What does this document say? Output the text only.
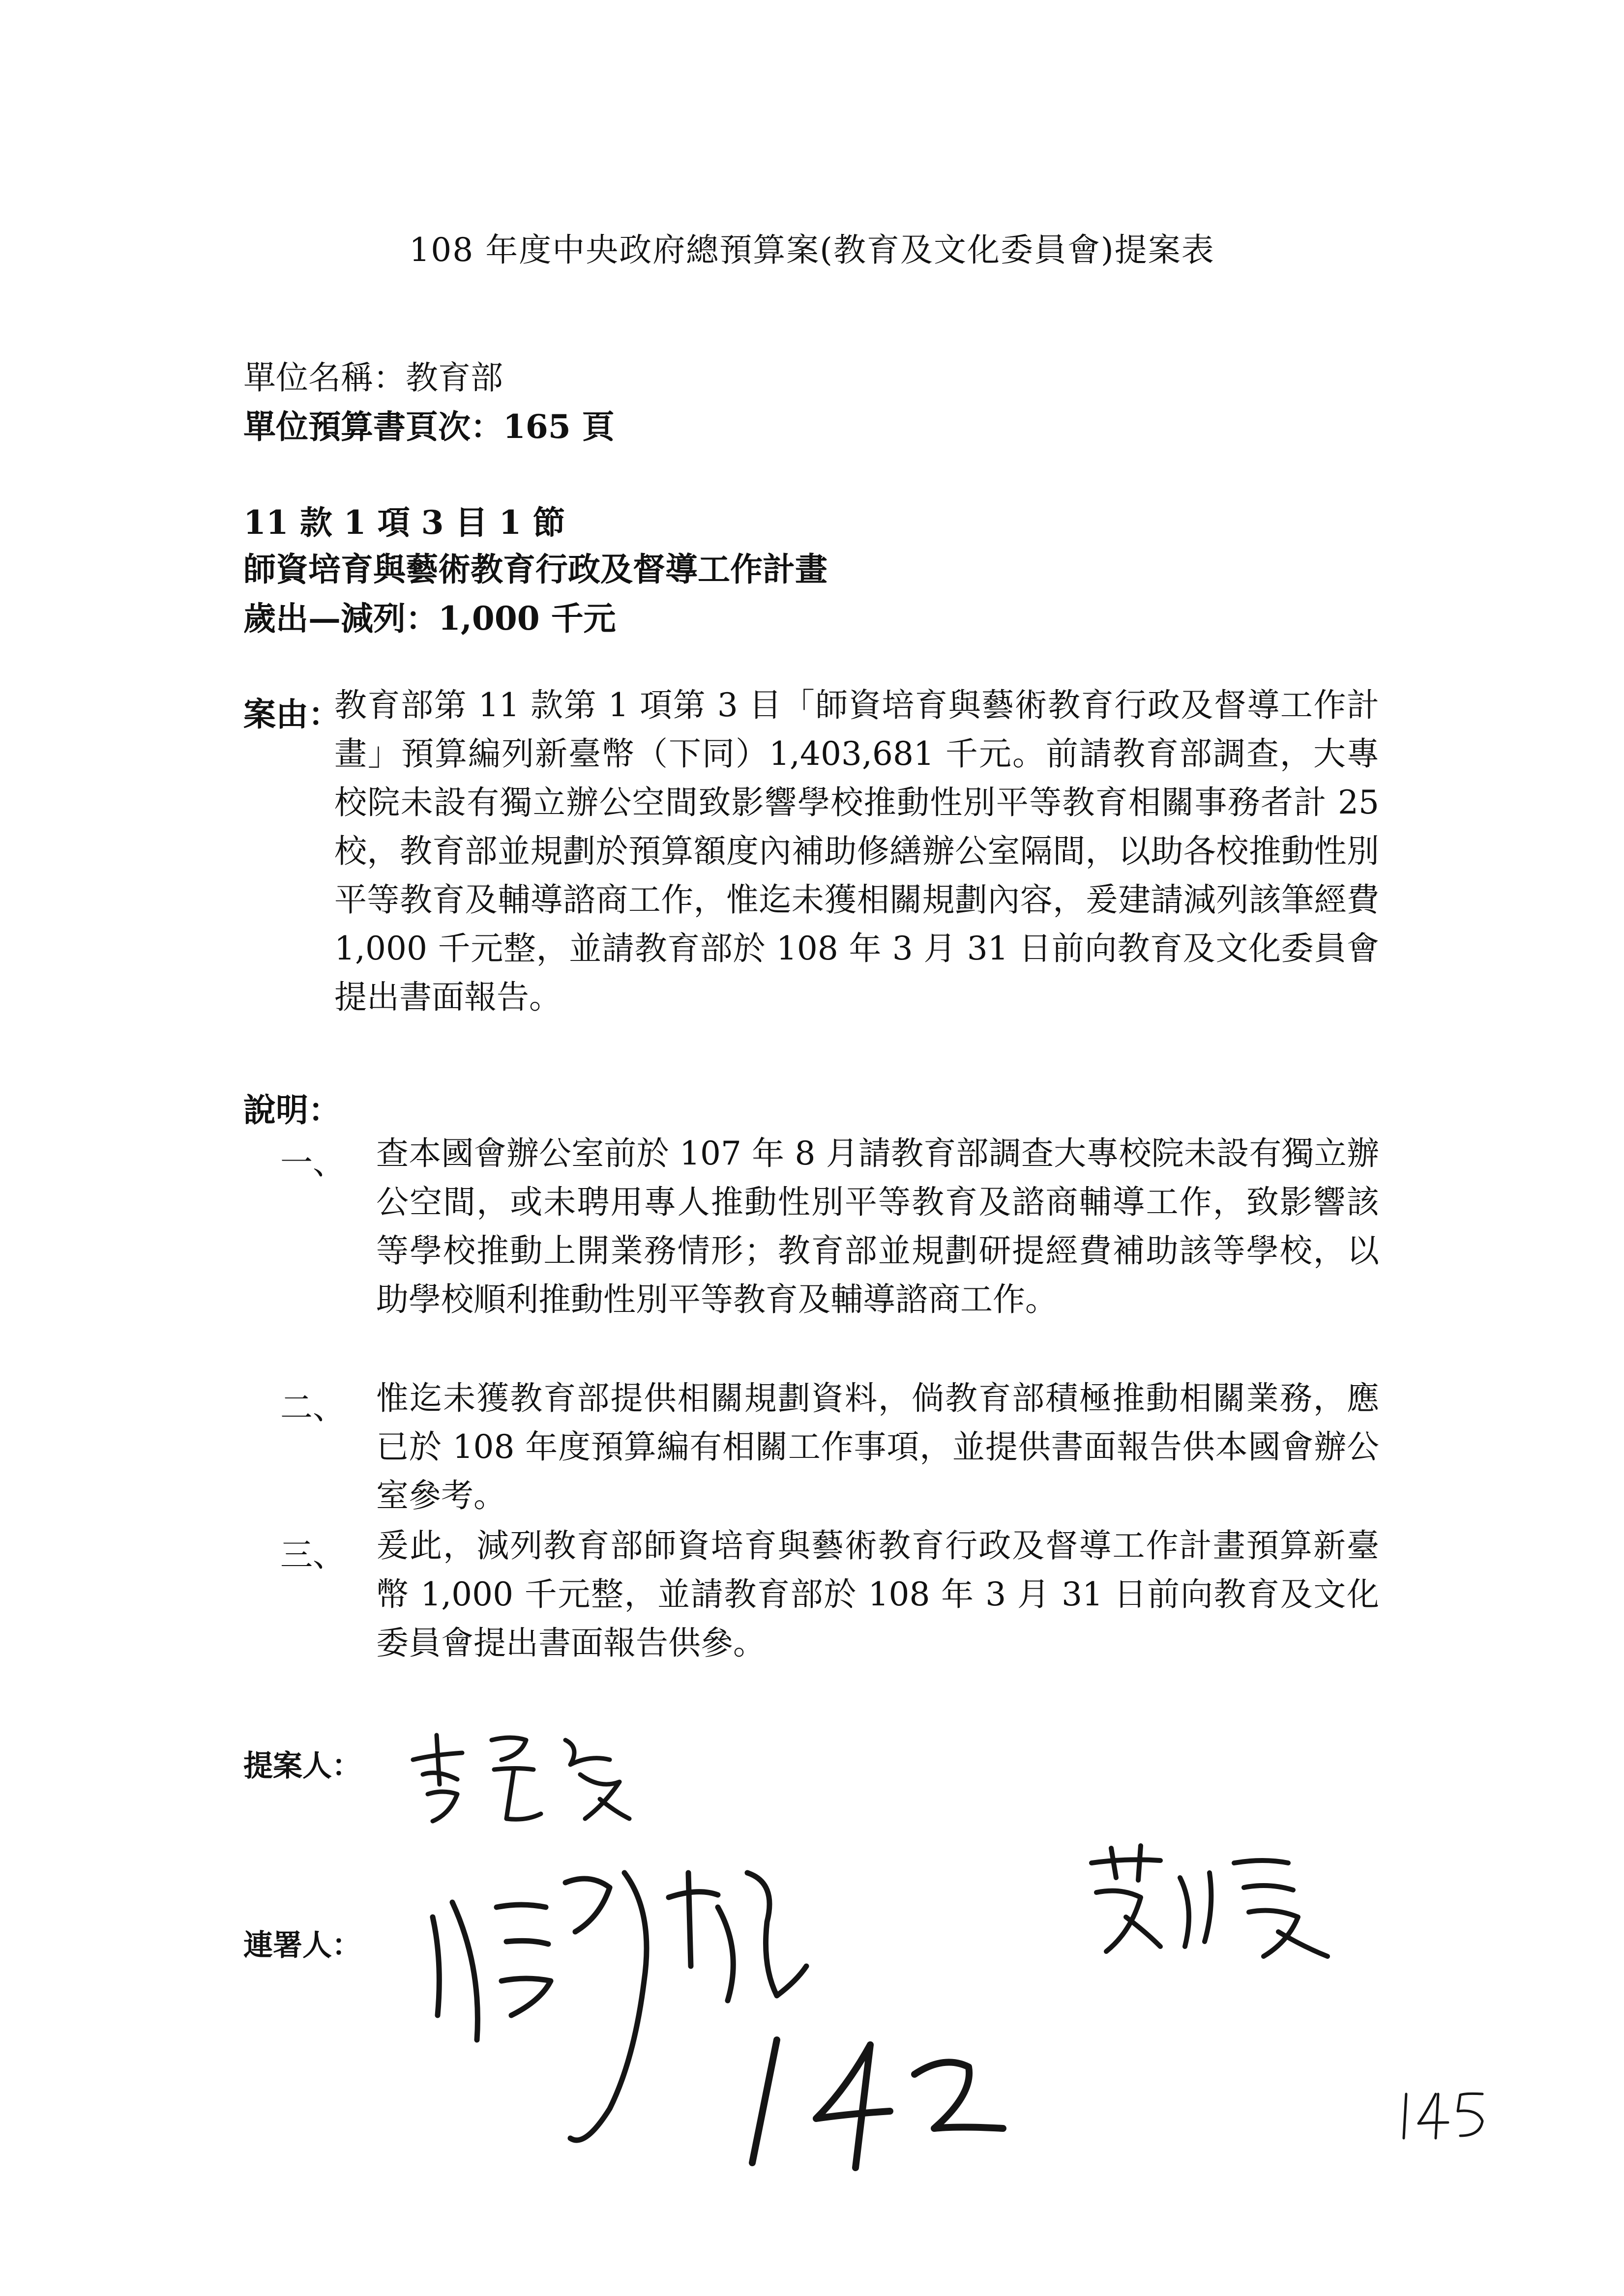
108 年度中央政府總預算案(教育及文化委員會)提案表
單位名稱：教育部
單位預算書頁次：165 頁
11 款 1 項 3 目 1 節
師資培育與藝術教育行政及督導工作計畫
歲出—減列：1,000 千元
案由：
教育部第 11 款第 1 項第 3 目「師資培育與藝術教育行政及督導工作計畫」預算編列新臺幣（下同）1,403,681 千元。前請教育部調查，大專校院未設有獨立辦公空間致影響學校推動性別平等教育相關事務者計 25 校，教育部並規劃於預算額度內補助修繕辦公室隔間，以助各校推動性別平等教育及輔導諮商工作，惟迄未獲相關規劃內容，爰建請減列該筆經費 1,000 千元整，並請教育部於 108 年 3 月 31 日前向教育及文化委員會提出書面報告。
說明：
一、 查本國會辦公室前於 107 年 8 月請教育部調查大專校院未設有獨立辦公空間，或未聘用專人推動性別平等教育及諮商輔導工作，致影響該等學校推動上開業務情形；教育部並規劃研提經費補助該等學校，以助學校順利推動性別平等教育及輔導諮商工作。
二、 惟迄未獲教育部提供相關規劃資料，倘教育部積極推動相關業務，應已於 108 年度預算編有相關工作事項，並提供書面報告供本國會辦公室參考。
三、 爰此，減列教育部師資培育與藝術教育行政及督導工作計畫預算新臺幣 1,000 千元整，並請教育部於 108 年 3 月 31 日前向教育及文化委員會提出書面報告供參。
提案人：
連署人：
